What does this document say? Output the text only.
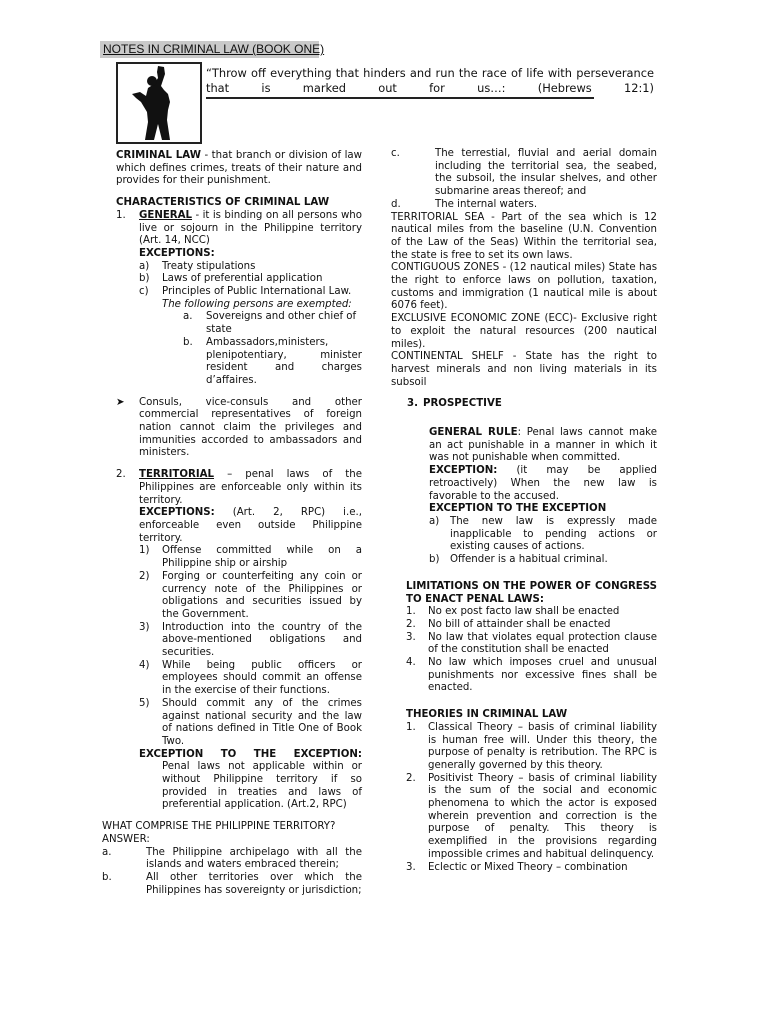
NOTES IN CRIMINAL LAW (BOOK ONE)
“Throw off everything that hinders and run the race of life with perseverance that is marked out for us…: (Hebrews 12:1)

CRIMINAL LAW - that branch or division of law which defines crimes, treats of their nature and provides for their punishment.

CHARACTERISTICS OF CRIMINAL LAW
1.	GENERAL - it is binding on all persons who live or sojourn in the Philippine territory (Art. 14, NCC)
EXCEPTIONS:
a)	Treaty stipulations
b)	Laws of preferential application
c)	Principles of Public International Law.
The following persons are exempted:
a.	Sovereigns and other chief of state
b.	Ambassadors,ministers, plenipotentiary, minister resident and charges d’affaires.
➤	Consuls, vice-consuls and other commercial representatives of foreign nation cannot claim the privileges and immunities accorded to ambassadors and ministers.
2.	TERRITORIAL – penal laws of the Philippines are enforceable only within its territory.
EXCEPTIONS: (Art. 2, RPC) i.e., enforceable even outside Philippine territory.
1)	Offense committed while on a Philippine ship or airship
2)	Forging or counterfeiting any coin or currency note of the Philippines or obligations and securities issued by the Government.
3)	Introduction into the country of the above-mentioned obligations and securities.
4)	While being public officers or employees should commit an offense in the exercise of their functions.
5)	Should commit any of the crimes against national security and the law of nations defined in Title One of Book Two.
EXCEPTION TO THE EXCEPTION:
Penal laws not applicable within or without Philippine territory if so provided in treaties and laws of preferential application. (Art.2, RPC)
WHAT COMPRISE THE PHILIPPINE TERRITORY?
ANSWER:
a.	The Philippine archipelago with all the islands and waters embraced therein;
b.	All other territories over which the Philippines has sovereignty or jurisdiction;
c.	The terrestial, fluvial and aerial domain including the territorial sea, the seabed, the subsoil, the insular shelves, and other submarine areas thereof; and
d.	The internal waters.

TERRITORIAL SEA - Part of the sea which is 12 nautical miles from the baseline (U.N. Convention of the Law of the Seas) Within the territorial sea, the state is free to set its own laws.

CONTIGUOUS ZONES - (12 nautical miles) State has the right to enforce laws on pollution, taxation, customs and immigration (1 nautical mile is about 6076 feet).

EXCLUSIVE ECONOMIC ZONE (ECC)- Exclusive right to exploit the natural resources (200 nautical miles).

CONTINENTAL SHELF - State has the right to harvest minerals and non living materials in its subsoil

3. PROSPECTIVE

GENERAL RULE: Penal laws cannot make an act punishable in a manner in which it was not punishable when committed.

EXCEPTION: (it may be applied retroactively) When the new law is favorable to the accused.

EXCEPTION TO THE EXCEPTION
a)	The new law is expressly made inapplicable to pending actions or existing causes of actions.
b)	Offender is a habitual criminal.
LIMITATIONS ON THE POWER OF CONGRESS TO ENACT PENAL LAWS:
1.	No ex post facto law shall be enacted
2.	No bill of attainder shall be enacted
3.	No law that violates equal protection clause of the constitution shall be enacted
4.	No law which imposes cruel and unusual punishments nor excessive fines shall be enacted.
THEORIES IN CRIMINAL LAW
1.	Classical Theory – basis of criminal liability is human free will. Under this theory, the purpose of penalty is retribution. The RPC is generally governed by this theory.
2.	Positivist Theory – basis of criminal liability is the sum of the social and economic phenomena to which the actor is exposed wherein prevention and correction is the purpose of penalty. This theory is exemplified in the provisions regarding impossible crimes and habitual delinquency.
3.	Eclectic or Mixed Theory – combination
